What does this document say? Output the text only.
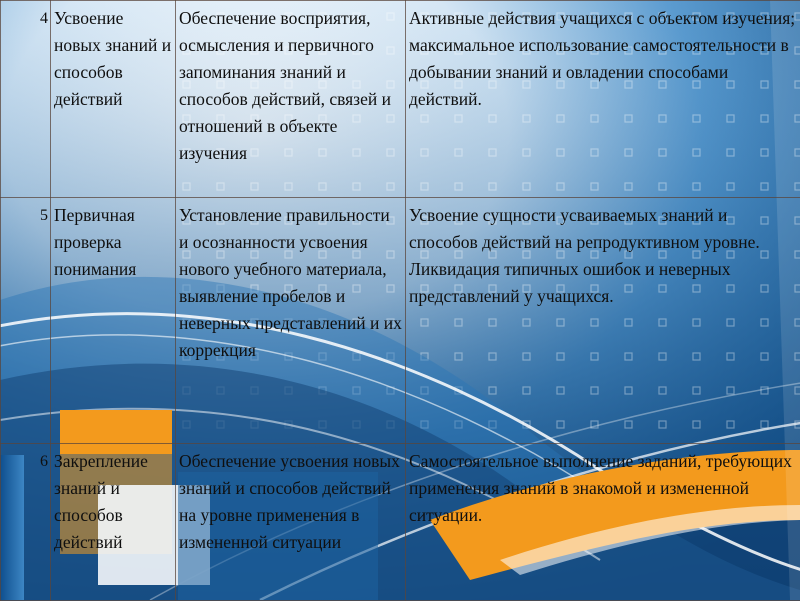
4	Усвоение новых знаний и способов действий	Обеспечение восприятия, осмысления и первичного запоминания знаний и способов действий, связей и отношений в объекте изучения	Активные действия учащихся с объектом изучения; максимальное использование самостоятельности в добывании знаний и овладении способами действий.
5	Первичная проверка понимания	Установление правильности и осознанности усвоения нового учебного материала, выявление пробелов и неверных представлений и их коррекция	Усвоение сущности усваиваемых знаний и способов действий на репродуктивном уровне. Ликвидация типичных ошибок и неверных представлений у учащихся.
6	Закрепление знаний и способов действий	Обеспечение усвоения новых знаний и способов действий на уровне применения в измененной ситуации	Самостоятельное выполнение заданий, требующих применения знаний в знакомой и измененной ситуации.
